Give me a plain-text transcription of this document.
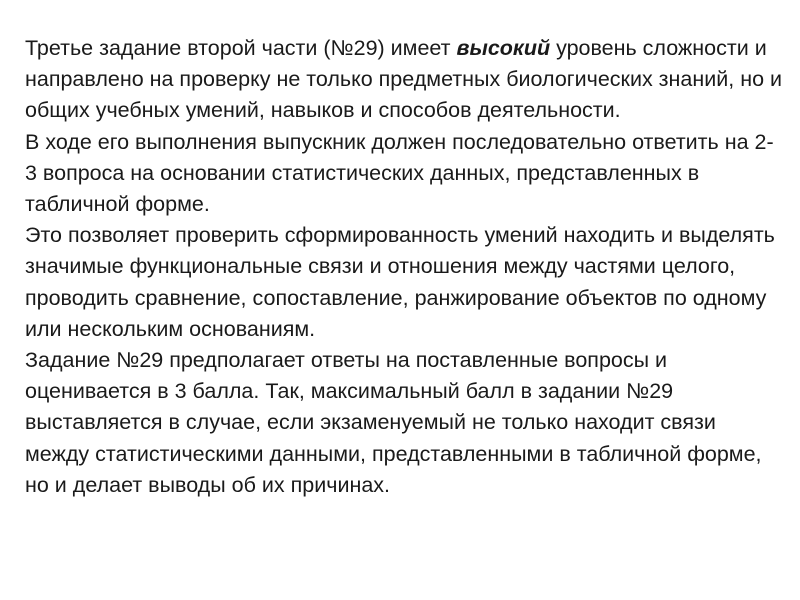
Третье задание второй части (№29) имеет высокий уровень сложности и направлено на проверку не только предметных биологических знаний, но и общих учебных умений, навыков и способов деятельности.

В ходе его выполнения выпускник должен последовательно ответить на 2-3 вопроса на основании статистических данных, представленных в табличной форме.

Это позволяет проверить сформированность умений находить и выделять значимые функциональные связи и отношения между частями целого, проводить сравнение, сопоставление, ранжирование объектов по одному или нескольким основаниям.

Задание №29 предполагает ответы на поставленные вопросы и оценивается в 3 балла. Так, максимальный балл в задании №29 выставляется в случае, если экзаменуемый не только находит связи между статистическими данными, представленными в табличной форме, но и делает выводы об их причинах.
